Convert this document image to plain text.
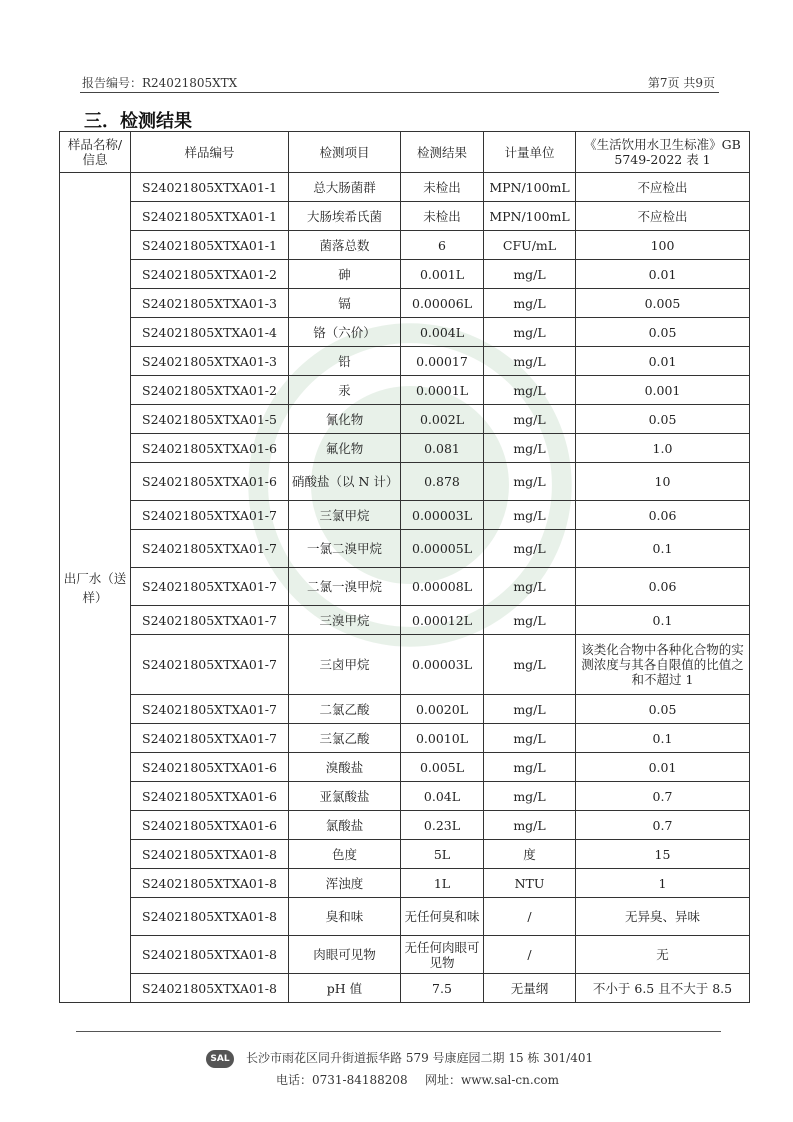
报告编号：R24021805XTX	第7页 共9页
三．检测结果
样品名称/信息	样品编号	检测项目	检测结果	计量单位	《生活饮用水卫生标准》GB 5749-2022 表 1
出厂水（送样）	S24021805XTXA01-1	总大肠菌群	未检出	MPN/100mL	不应检出
	S24021805XTXA01-1	大肠埃希氏菌	未检出	MPN/100mL	不应检出
	S24021805XTXA01-1	菌落总数	6	CFU/mL	100
	S24021805XTXA01-2	砷	0.001L	mg/L	0.01
	S24021805XTXA01-3	镉	0.00006L	mg/L	0.005
	S24021805XTXA01-4	铬（六价）	0.004L	mg/L	0.05
	S24021805XTXA01-3	铅	0.00017	mg/L	0.01
	S24021805XTXA01-2	汞	0.0001L	mg/L	0.001
	S24021805XTXA01-5	氰化物	0.002L	mg/L	0.05
	S24021805XTXA01-6	氟化物	0.081	mg/L	1.0
	S24021805XTXA01-6	硝酸盐（以 N 计）	0.878	mg/L	10
	S24021805XTXA01-7	三氯甲烷	0.00003L	mg/L	0.06
	S24021805XTXA01-7	一氯二溴甲烷	0.00005L	mg/L	0.1
	S24021805XTXA01-7	二氯一溴甲烷	0.00008L	mg/L	0.06
	S24021805XTXA01-7	三溴甲烷	0.00012L	mg/L	0.1
	S24021805XTXA01-7	三卤甲烷	0.00003L	mg/L	该类化合物中各种化合物的实测浓度与其各自限值的比值之和不超过 1
	S24021805XTXA01-7	二氯乙酸	0.0020L	mg/L	0.05
	S24021805XTXA01-7	三氯乙酸	0.0010L	mg/L	0.1
	S24021805XTXA01-6	溴酸盐	0.005L	mg/L	0.01
	S24021805XTXA01-6	亚氯酸盐	0.04L	mg/L	0.7
	S24021805XTXA01-6	氯酸盐	0.23L	mg/L	0.7
	S24021805XTXA01-8	色度	5L	度	15
	S24021805XTXA01-8	浑浊度	1L	NTU	1
	S24021805XTXA01-8	臭和味	无任何臭和味	/	无异臭、异味
	S24021805XTXA01-8	肉眼可见物	无任何肉眼可见物	/	无
	S24021805XTXA01-8	pH 值	7.5	无量纲	不小于 6.5 且不大于 8.5
SAL	长沙市雨花区同升街道振华路 579 号康庭园二期 15 栋 301/401
电话：0731-84188208 网址：www.sal-cn.com
